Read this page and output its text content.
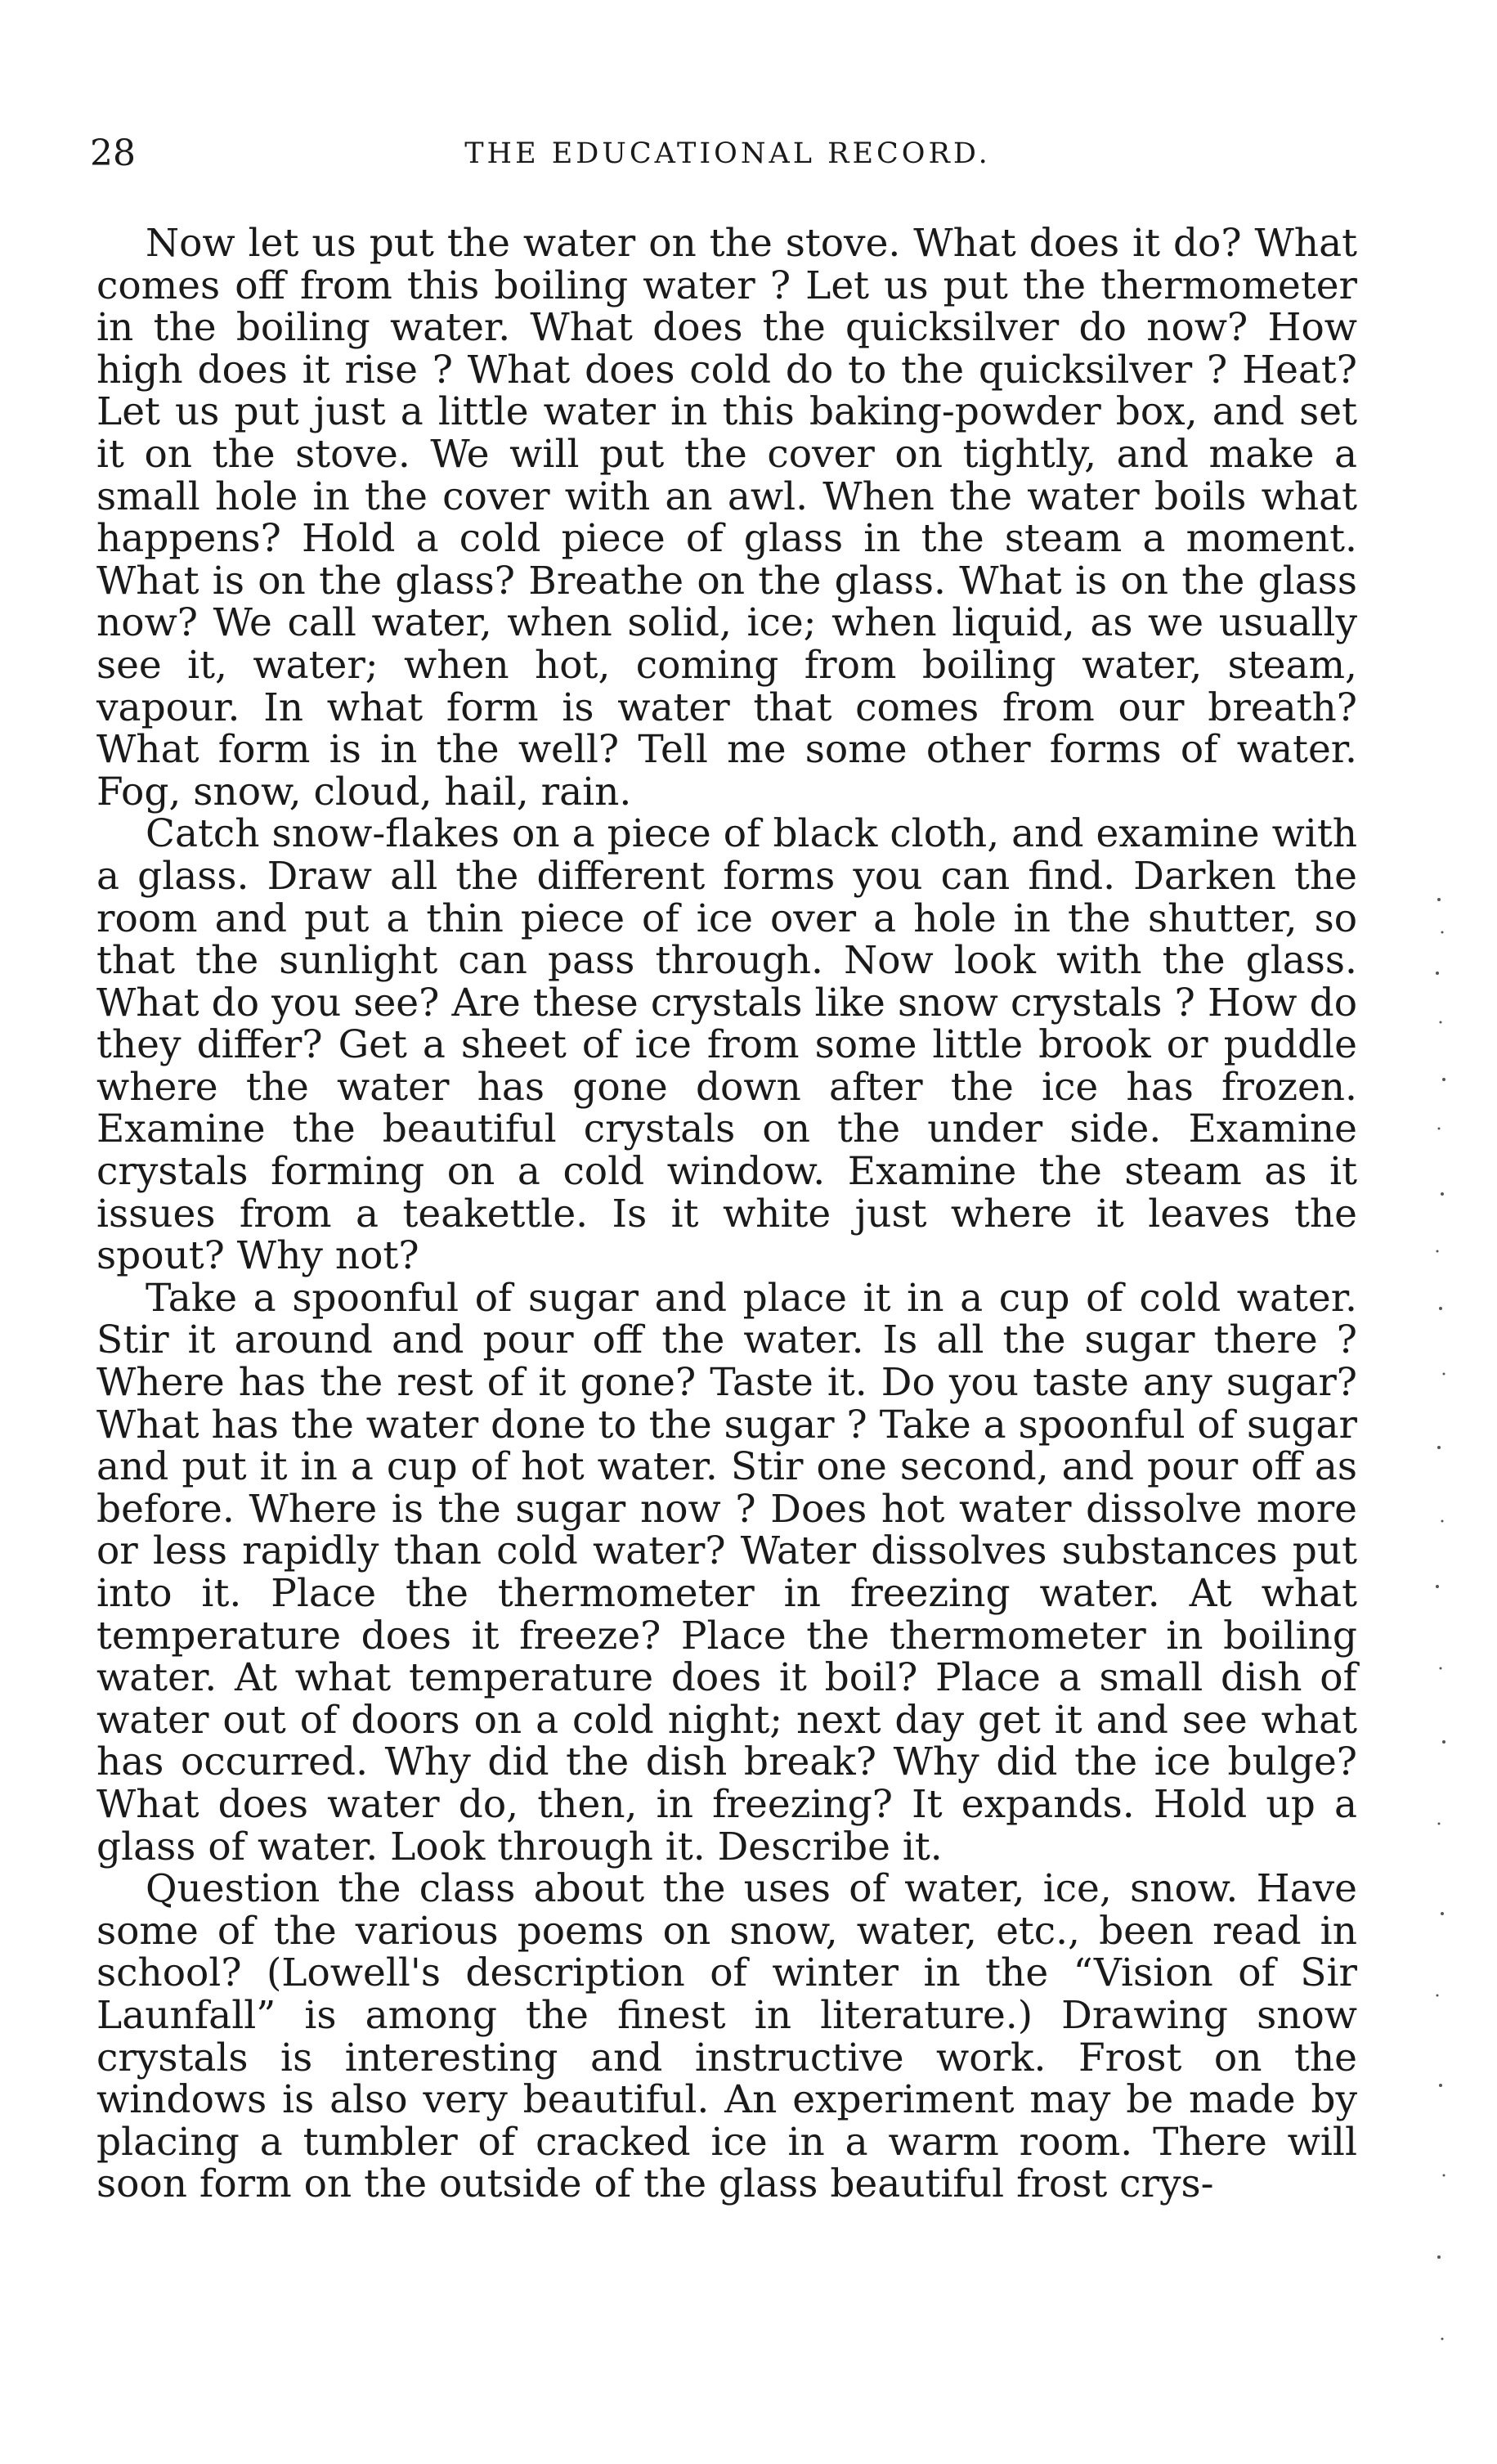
28	THE EDUCATIONAL RECORD.

Now let us put the water on the stove. What does it do? What comes off from this boiling water ? Let us put the thermometer in the boiling water. What does the quicksilver do now? How high does it rise ? What does cold do to the quicksilver ? Heat? Let us put just a little water in this baking-powder box, and set it on the stove. We will put the cover on tightly, and make a small hole in the cover with an awl. When the water boils what happens? Hold a cold piece of glass in the steam a moment. What is on the glass? Breathe on the glass. What is on the glass now? We call water, when solid, ice; when liquid, as we usually see it, water; when hot, coming from boiling water, steam, vapour. In what form is water that comes from our breath? What form is in the well? Tell me some other forms of water. Fog, snow, cloud, hail, rain.

Catch snow-flakes on a piece of black cloth, and examine with a glass. Draw all the different forms you can find. Darken the room and put a thin piece of ice over a hole in the shutter, so that the sunlight can pass through. Now look with the glass. What do you see? Are these crystals like snow crystals ? How do they differ? Get a sheet of ice from some little brook or puddle where the water has gone down after the ice has frozen. Examine the beautiful crystals on the under side. Examine crystals forming on a cold window. Examine the steam as it issues from a teakettle. Is it white just where it leaves the spout? Why not?

Take a spoonful of sugar and place it in a cup of cold water. Stir it around and pour off the water. Is all the sugar there ? Where has the rest of it gone? Taste it. Do you taste any sugar? What has the water done to the sugar ? Take a spoonful of sugar and put it in a cup of hot water. Stir one second, and pour off as before. Where is the sugar now ? Does hot water dissolve more or less rapidly than cold water? Water dissolves substances put into it. Place the thermometer in freezing water. At what temperature does it freeze? Place the thermometer in boiling water. At what temperature does it boil? Place a small dish of water out of doors on a cold night; next day get it and see what has occurred. Why did the dish break? Why did the ice bulge? What does water do, then, in freezing? It expands. Hold up a glass of water. Look through it. Describe it.

Question the class about the uses of water, ice, snow. Have some of the various poems on snow, water, etc., been read in school? (Lowell's description of winter in the “Vision of Sir Launfall” is among the finest in literature.) Drawing snow crystals is interesting and instructive work. Frost on the windows is also very beautiful. An experiment may be made by placing a tumbler of cracked ice in a warm room. There will soon form on the outside of the glass beautiful frost crys-
